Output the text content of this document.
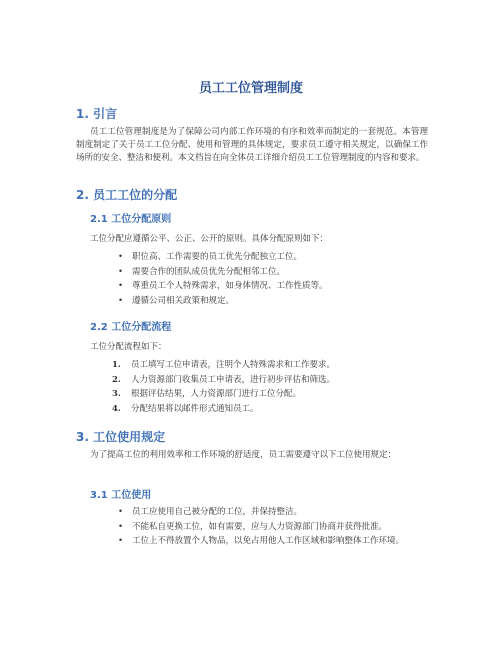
员工工位管理制度
1. 引言

员工工位管理制度是为了保障公司内部工作环境的有序和效率而制定的一套规范。本管理制度制定了关于员工工位分配、使用和管理的具体规定，要求员工遵守相关规定，以确保工作场所的安全、整洁和便利。本文档旨在向全体员工详细介绍员工工位管理制度的内容和要求。

2. 员工工位的分配
2.1 工位分配原则
工位分配应遵循公平、公正、公开的原则。具体分配原则如下：
• 职位高、工作需要的员工优先分配独立工位。
• 需要合作的团队成员优先分配相邻工位。
• 尊重员工个人特殊需求，如身体情况、工作性质等。
• 遵循公司相关政策和规定。
2.2 工位分配流程
工位分配流程如下：
1. 员工填写工位申请表，注明个人特殊需求和工作要求。
2. 人力资源部门收集员工申请表，进行初步评估和筛选。
3. 根据评估结果，人力资源部门进行工位分配。
4. 分配结果将以邮件形式通知员工。
3. 工位使用规定

为了提高工位的利用效率和工作环境的舒适度，员工需要遵守以下工位使用规定：

3.1 工位使用
• 员工应使用自己被分配的工位，并保持整洁。
• 不能私自更换工位，如有需要，应与人力资源部门协商并获得批准。
• 工位上不得放置个人物品，以免占用他人工作区域和影响整体工作环境。
